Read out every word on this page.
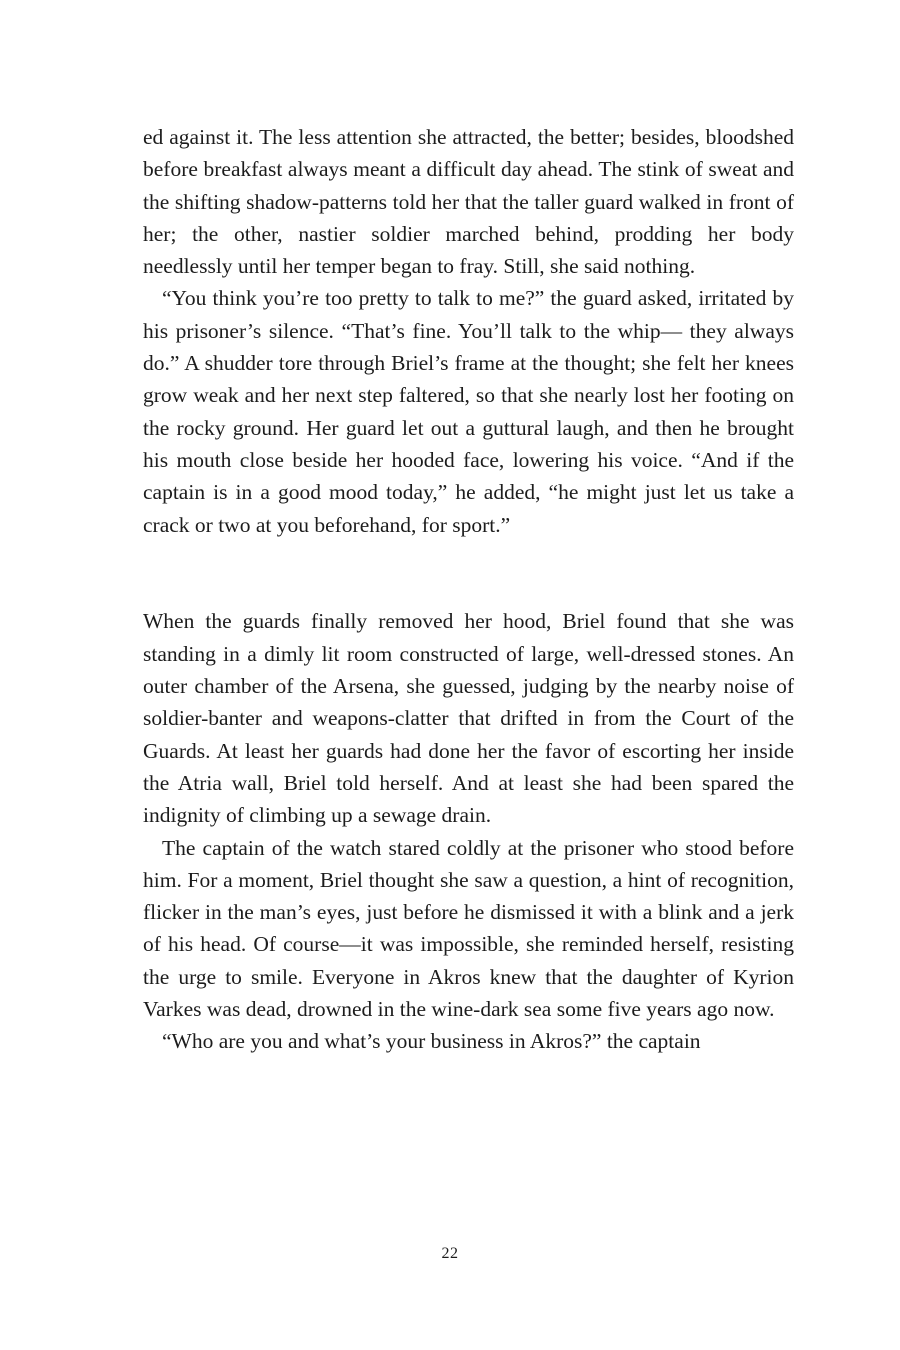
ed against it. The less attention she attracted, the better; besides, bloodshed before breakfast always meant a difficult day ahead. The stink of sweat and the shifting shadow-patterns told her that the taller guard walked in front of her; the other, nastier soldier marched behind, prodding her body needlessly until her temper began to fray. Still, she said nothing.

“You think you’re too pretty to talk to me?” the guard asked, irritated by his prisoner’s silence. “That’s fine. You’ll talk to the whip— they always do.” A shudder tore through Briel’s frame at the thought; she felt her knees grow weak and her next step faltered, so that she nearly lost her footing on the rocky ground. Her guard let out a guttural laugh, and then he brought his mouth close beside her hooded face, lowering his voice. “And if the captain is in a good mood today,” he added, “he might just let us take a crack or two at you beforehand, for sport.”

When the guards finally removed her hood, Briel found that she was standing in a dimly lit room constructed of large, well-dressed stones. An outer chamber of the Arsena, she guessed, judging by the nearby noise of soldier-banter and weapons-clatter that drifted in from the Court of the Guards. At least her guards had done her the favor of escorting her inside the Atria wall, Briel told herself. And at least she had been spared the indignity of climbing up a sewage drain.

The captain of the watch stared coldly at the prisoner who stood before him. For a moment, Briel thought she saw a question, a hint of recognition, flicker in the man’s eyes, just before he dismissed it with a blink and a jerk of his head. Of course—it was impossible, she reminded herself, resisting the urge to smile. Everyone in Akros knew that the daughter of Kyrion Varkes was dead, drowned in the wine-dark sea some five years ago now.

“Who are you and what’s your business in Akros?” the captain

22
